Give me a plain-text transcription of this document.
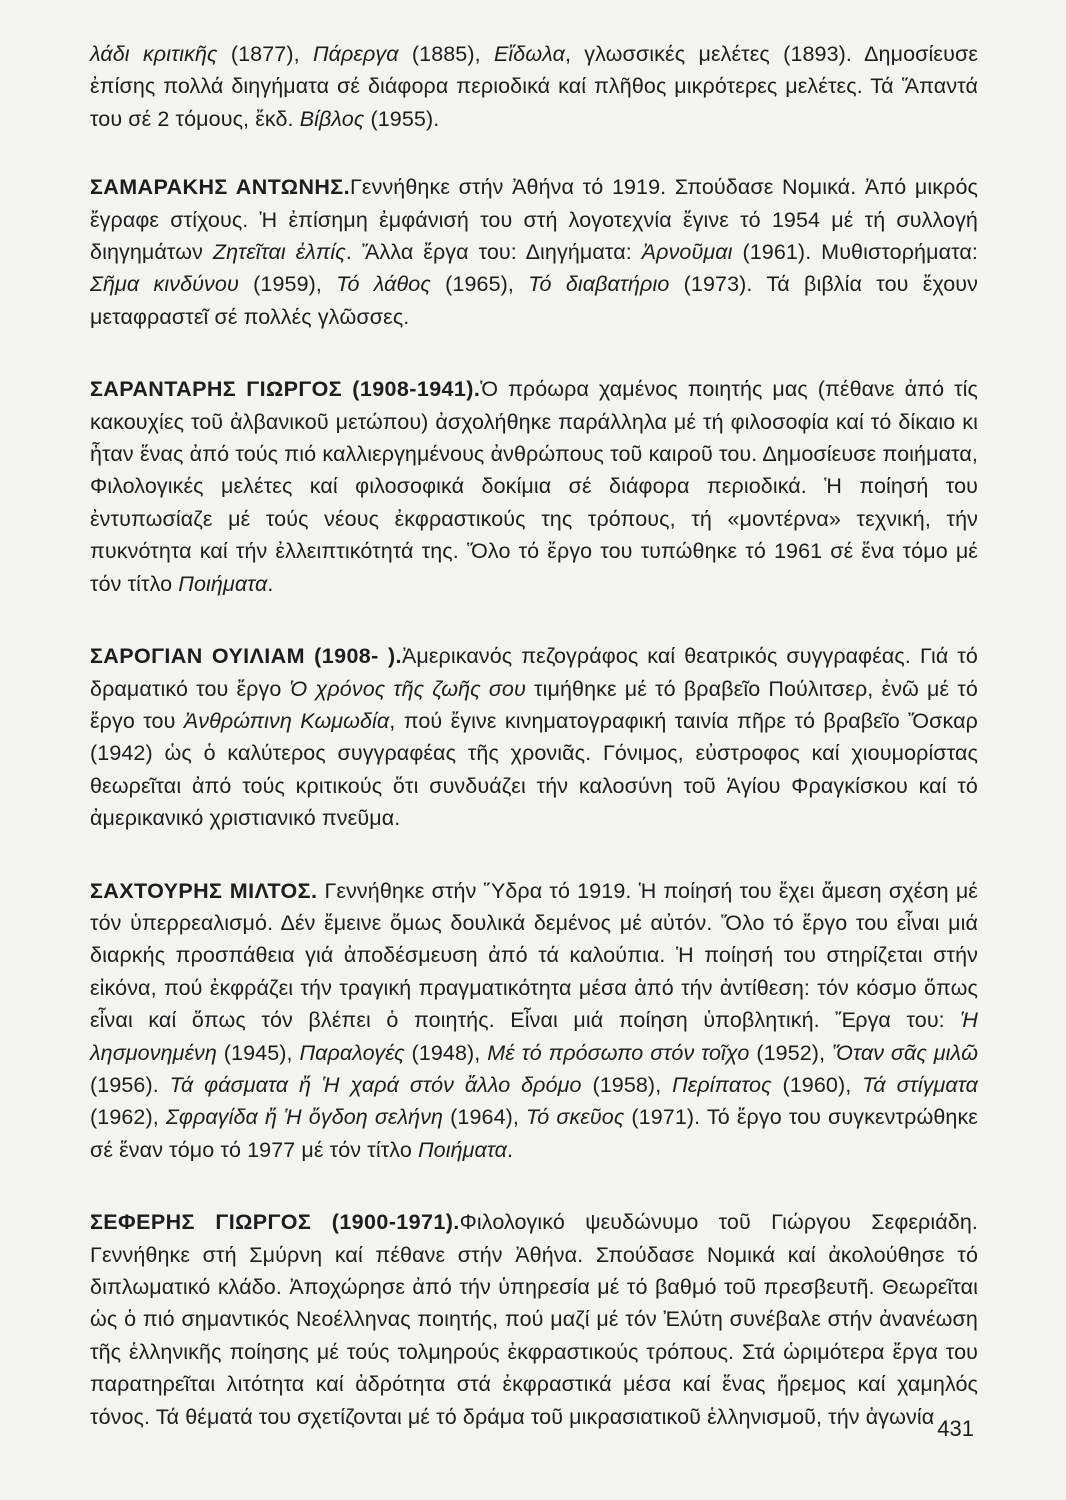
λάδι κριτικῆς (1877), Πάρεργα (1885), Εἴδωλα, γλωσσικές μελέτες (1893). Δημοσίευσε ἐπίσης πολλά διηγήματα σέ διάφορα περιοδικά καί πλῆθος μικρότερες μελέτες. Τά Ἅπαντά του σέ 2 τόμους, ἔκδ. Βίβλος (1955).
ΣΑΜΑΡΑΚΗΣ ΑΝΤΩΝΗΣ.Γεννήθηκε στήν Ἀθήνα τό 1919. Σπούδασε Νομικά. Ἀπό μικρός ἔγραφε στίχους. Ἡ ἐπίσημη ἐμφάνισή του στή λογοτεχνία ἔγινε τό 1954 μέ τή συλλογή διηγημάτων Ζητεῖται ἐλπίς. Ἄλλα ἔργα του: Διηγήματα: Ἀρνοῦμαι (1961). Μυθιστορήματα: Σῆμα κινδύνου (1959), Τό λάθος (1965), Τό διαβατήριο (1973). Τά βιβλία του ἔχουν μεταφραστεῖ σέ πολλές γλῶσσες.
ΣΑΡΑΝΤΑΡΗΣ ΓΙΩΡΓΟΣ (1908-1941).Ὁ πρόωρα χαμένος ποιητής μας (πέθανε ἀπό τίς κακουχίες τοῦ ἀλβανικοῦ μετώπου) ἀσχολήθηκε παράλληλα μέ τή φιλοσοφία καί τό δίκαιο κι ἦταν ἕνας ἀπό τούς πιό καλλιεργημένους ἀνθρώπους τοῦ καιροῦ του. Δημοσίευσε ποιήματα, Φιλολογικές μελέτες καί φιλοσοφικά δοκίμια σέ διάφορα περιοδικά. Ἡ ποίησή του ἐντυπωσίαζε μέ τούς νέους ἐκφραστικούς της τρόπους, τή «μοντέρνα» τεχνική, τήν πυκνότητα καί τήν ἐλλειπτικότητά της. Ὅλο τό ἔργο του τυπώθηκε τό 1961 σέ ἕνα τόμο μέ τόν τίτλο Ποιήματα.
ΣΑΡΟΓΙΑΝ ΟΥΙΛΙΑΜ (1908- ).Ἀμερικανός πεζογράφος καί θεατρικός συγγραφέας. Γιά τό δραματικό του ἔργο Ὁ χρόνος τῆς ζωῆς σου τιμήθηκε μέ τό βραβεῖο Πούλιτσερ, ἐνῶ μέ τό ἔργο του Ἀνθρώπινη Κωμωδία, πού ἔγινε κινηματογραφική ταινία πῆρε τό βραβεῖο Ὄσκαρ (1942) ὡς ὁ καλύτερος συγγραφέας τῆς χρονιᾶς. Γόνιμος, εὐστροφος καί χιουμορίστας θεωρεῖται ἀπό τούς κριτικούς ὅτι συνδυάζει τήν καλοσύνη τοῦ Ἁγίου Φραγκίσκου καί τό ἀμερικανικό χριστιανικό πνεῦμα.
ΣΑΧΤΟΥΡΗΣ ΜΙΛΤΟΣ. Γεννήθηκε στήν Ὕδρα τό 1919. Ἡ ποίησή του ἔχει ἄμεση σχέση μέ τόν ὑπερρεαλισμό. Δέν ἔμεινε ὅμως δουλικά δεμένος μέ αὐτόν. Ὅλο τό ἔργο του εἶναι μιά διαρκής προσπάθεια γιά ἀποδέσμευση ἀπό τά καλούπια. Ἡ ποίησή του στηρίζεται στήν εἰκόνα, πού ἐκφράζει τήν τραγική πραγματικότητα μέσα ἀπό τήν ἀντίθεση: τόν κόσμο ὅπως εἶναι καί ὅπως τόν βλέπει ὁ ποιητής. Εἶναι μιά ποίηση ὑποβλητική. Ἔργα του: Ἡ λησμονημένη (1945), Παραλογές (1948), Μέ τό πρόσωπο στόν τοῖχο (1952), Ὅταν σᾶς μιλῶ (1956). Τά φάσματα ἤ Ἡ χαρά στόν ἄλλο δρόμο (1958), Περίπατος (1960), Τά στίγματα (1962), Σφραγίδα ἤ Ἡ ὄγδοη σελήνη (1964), Τό σκεῦος (1971). Τό ἔργο του συγκεντρώθηκε σέ ἕναν τόμο τό 1977 μέ τόν τίτλο Ποιήματα.
ΣΕΦΕΡΗΣ ΓΙΩΡΓΟΣ (1900-1971).Φιλολογικό ψευδώνυμο τοῦ Γιώργου Σεφεριάδη. Γεννήθηκε στή Σμύρνη καί πέθανε στήν Ἀθήνα. Σπούδασε Νομικά καί ἀκολούθησε τό διπλωματικό κλάδο. Ἀποχώρησε ἀπό τήν ὑπηρεσία μέ τό βαθμό τοῦ πρεσβευτῆ. Θεωρεῖται ὡς ὁ πιό σημαντικός Νεοέλληνας ποιητής, πού μαζί μέ τόν Ἐλύτη συνέβαλε στήν ἀνανέωση τῆς ἑλληνικῆς ποίησης μέ τούς τολμηρούς ἐκφραστικούς τρόπους. Στά ὡριμότερα ἔργα του παρατηρεῖται λιτότητα καί ἀδρότητα στά ἐκφραστικά μέσα καί ἕνας ἤρεμος καί χαμηλός τόνος. Τά θέματά του σχετίζονται μέ τό δράμα τοῦ μικρασιατικοῦ ἑλληνισμοῦ, τήν ἀγωνία 431
